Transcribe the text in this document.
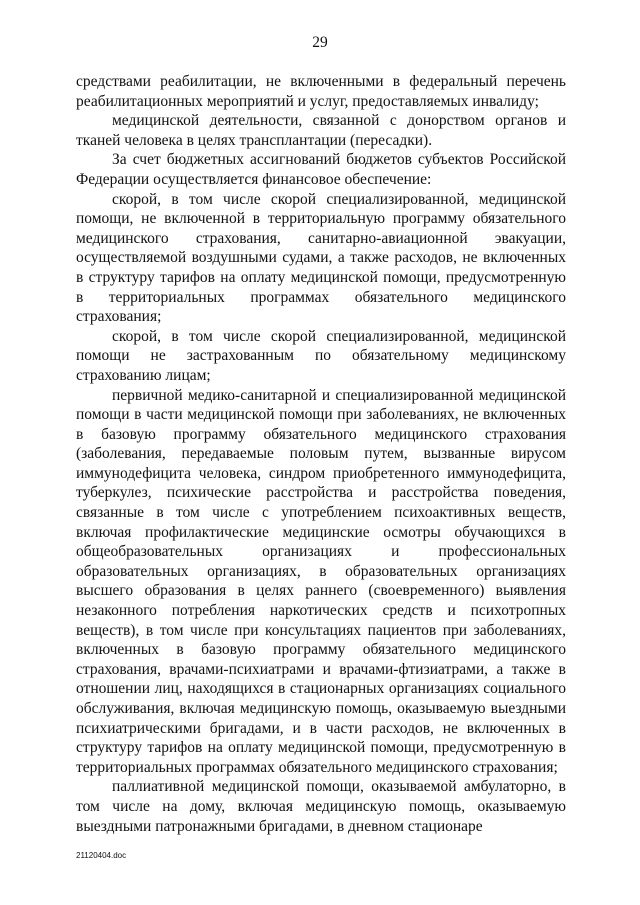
29

средствами реабилитации, не включенными в федеральный перечень реабилитационных мероприятий и услуг, предоставляемых инвалиду;

медицинской деятельности, связанной с донорством органов и тканей человека в целях трансплантации (пересадки).

За счет бюджетных ассигнований бюджетов субъектов Российской Федерации осуществляется финансовое обеспечение:

скорой, в том числе скорой специализированной, медицинской помощи, не включенной в территориальную программу обязательного медицинского страхования, санитарно-авиационной эвакуации, осуществляемой воздушными судами, а также расходов, не включенных в структуру тарифов на оплату медицинской помощи, предусмотренную в территориальных программах обязательного медицинского страхования;

скорой, в том числе скорой специализированной, медицинской помощи не застрахованным по обязательному медицинскому страхованию лицам;

первичной медико-санитарной и специализированной медицинской помощи в части медицинской помощи при заболеваниях, не включенных в базовую программу обязательного медицинского страхования (заболевания, передаваемые половым путем, вызванные вирусом иммунодефицита человека, синдром приобретенного иммунодефицита, туберкулез, психические расстройства и расстройства поведения, связанные в том числе с употреблением психоактивных веществ, включая профилактические медицинские осмотры обучающихся в общеобразовательных организациях и профессиональных образовательных организациях, в образовательных организациях высшего образования в целях раннего (своевременного) выявления незаконного потребления наркотических средств и психотропных веществ), в том числе при консультациях пациентов при заболеваниях, включенных в базовую программу обязательного медицинского страхования, врачами-психиатрами и врачами-фтизиатрами, а также в отношении лиц, находящихся в стационарных организациях социального обслуживания, включая медицинскую помощь, оказываемую выездными психиатрическими бригадами, и в части расходов, не включенных в структуру тарифов на оплату медицинской помощи, предусмотренную в территориальных программах обязательного медицинского страхования;

паллиативной медицинской помощи, оказываемой амбулаторно, в том числе на дому, включая медицинскую помощь, оказываемую выездными патронажными бригадами, в дневном стационаре

21120404.doc
